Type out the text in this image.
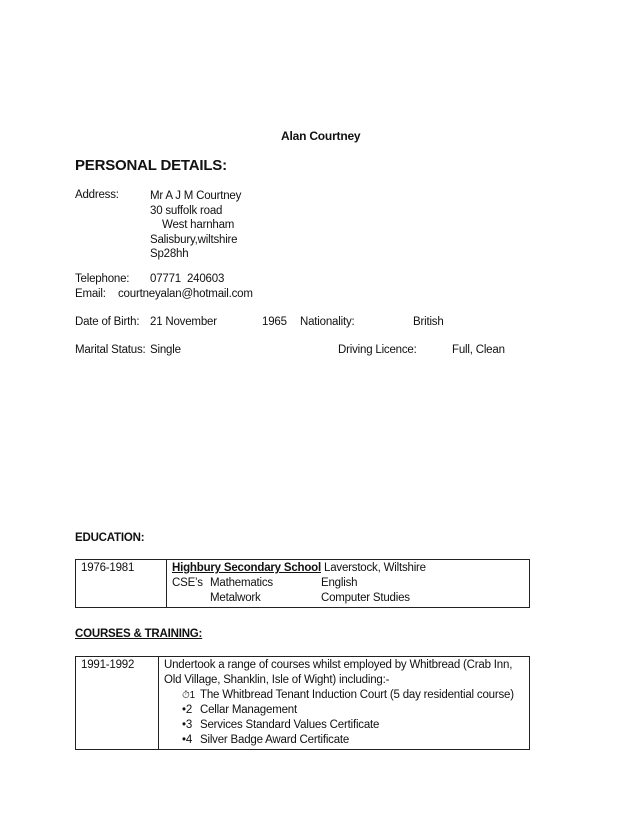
Alan Courtney
PERSONAL DETAILS:
Address:	Mr A J M Courtney
30 suffolk road
West harnham
Salisbury,wiltshire
Sp28hh
Telephone: 07771  240603
Email: courtneyalan@hotmail.com
Date of Birth: 21 November	1965 Nationality:	British
Marital Status: Single	Driving Licence:	Full, Clean
EDUCATION:
1976-1981	Highbury Secondary School Laverstock, Wiltshire
CSE’s Mathematics	English
Metalwork	Computer Studies
COURSES & TRAINING:
1991-1992	Undertook a range of courses whilst employed by Whitbread (Crab Inn, Old Village, Shanklin, Isle of Wight) including:-
⏱1 The Whitbread Tenant Induction Court (5 day residential course)
•2 Cellar Management
•3 Services Standard Values Certificate
•4 Silver Badge Award Certificate
